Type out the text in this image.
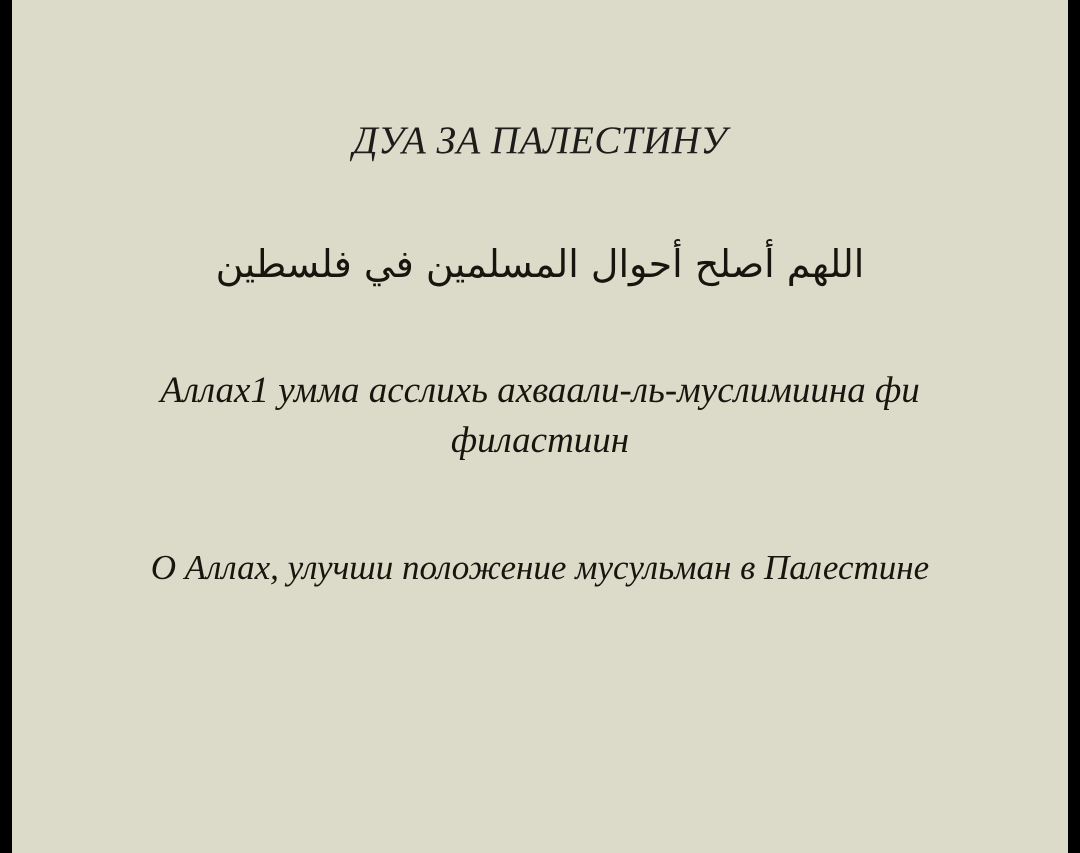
ДУА ЗА ПАЛЕСТИНУ
اللهم أصلح أحوال المسلمين في فلسطين
Аллах1 умма асслихь ахваали-ль-муслимиина фи филастиин
О Аллах, улучши положение мусульман в Палестине
